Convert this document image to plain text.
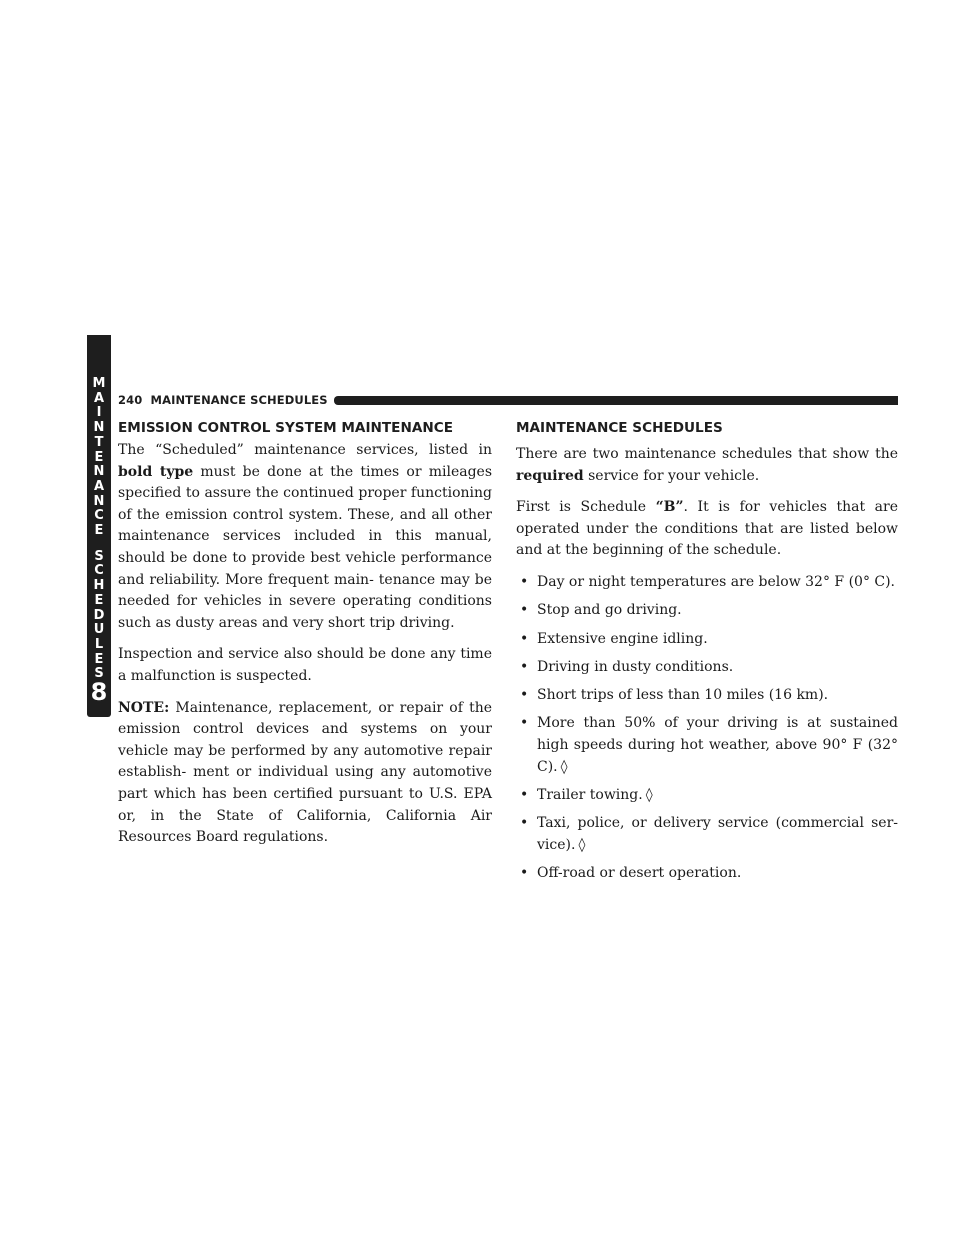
M
A
I
N
T
E
N
A
N
C
E
S
C
H
E
D
U
L
E
S
8
240 MAINTENANCE SCHEDULES
EMISSION CONTROL SYSTEM MAINTENANCE

The “Scheduled” maintenance services, listed in bold type must be done at the times or mileages specified to assure the continued proper functioning of the emission control system. These, and all other maintenance services included in this manual, should be done to provide best vehicle performance and reliability. More frequent main- tenance may be needed for vehicles in severe operating conditions such as dusty areas and very short trip driving.

Inspection and service also should be done any time a malfunction is suspected.

NOTE: Maintenance, replacement, or repair of the emission control devices and systems on your vehicle may be performed by any automotive repair establish- ment or individual using any automotive part which has been certified pursuant to U.S. EPA or, in the State of California, California Air Resources Board regulations.

MAINTENANCE SCHEDULES

There are two maintenance schedules that show the required service for your vehicle.

First is Schedule “B”. It is for vehicles that are operated under the conditions that are listed below and at the beginning of the schedule.

• Day or night temperatures are below 32° F (0° C).
• Stop and go driving.
• Extensive engine idling.
• Driving in dusty conditions.
• Short trips of less than 10 miles (16 km).
• More than 50% of your driving is at sustained high speeds during hot weather, above 90° F (32° C). ◊
• Trailer towing. ◊
• Taxi, police, or delivery service (commercial ser- vice). ◊
• Off-road or desert operation.
